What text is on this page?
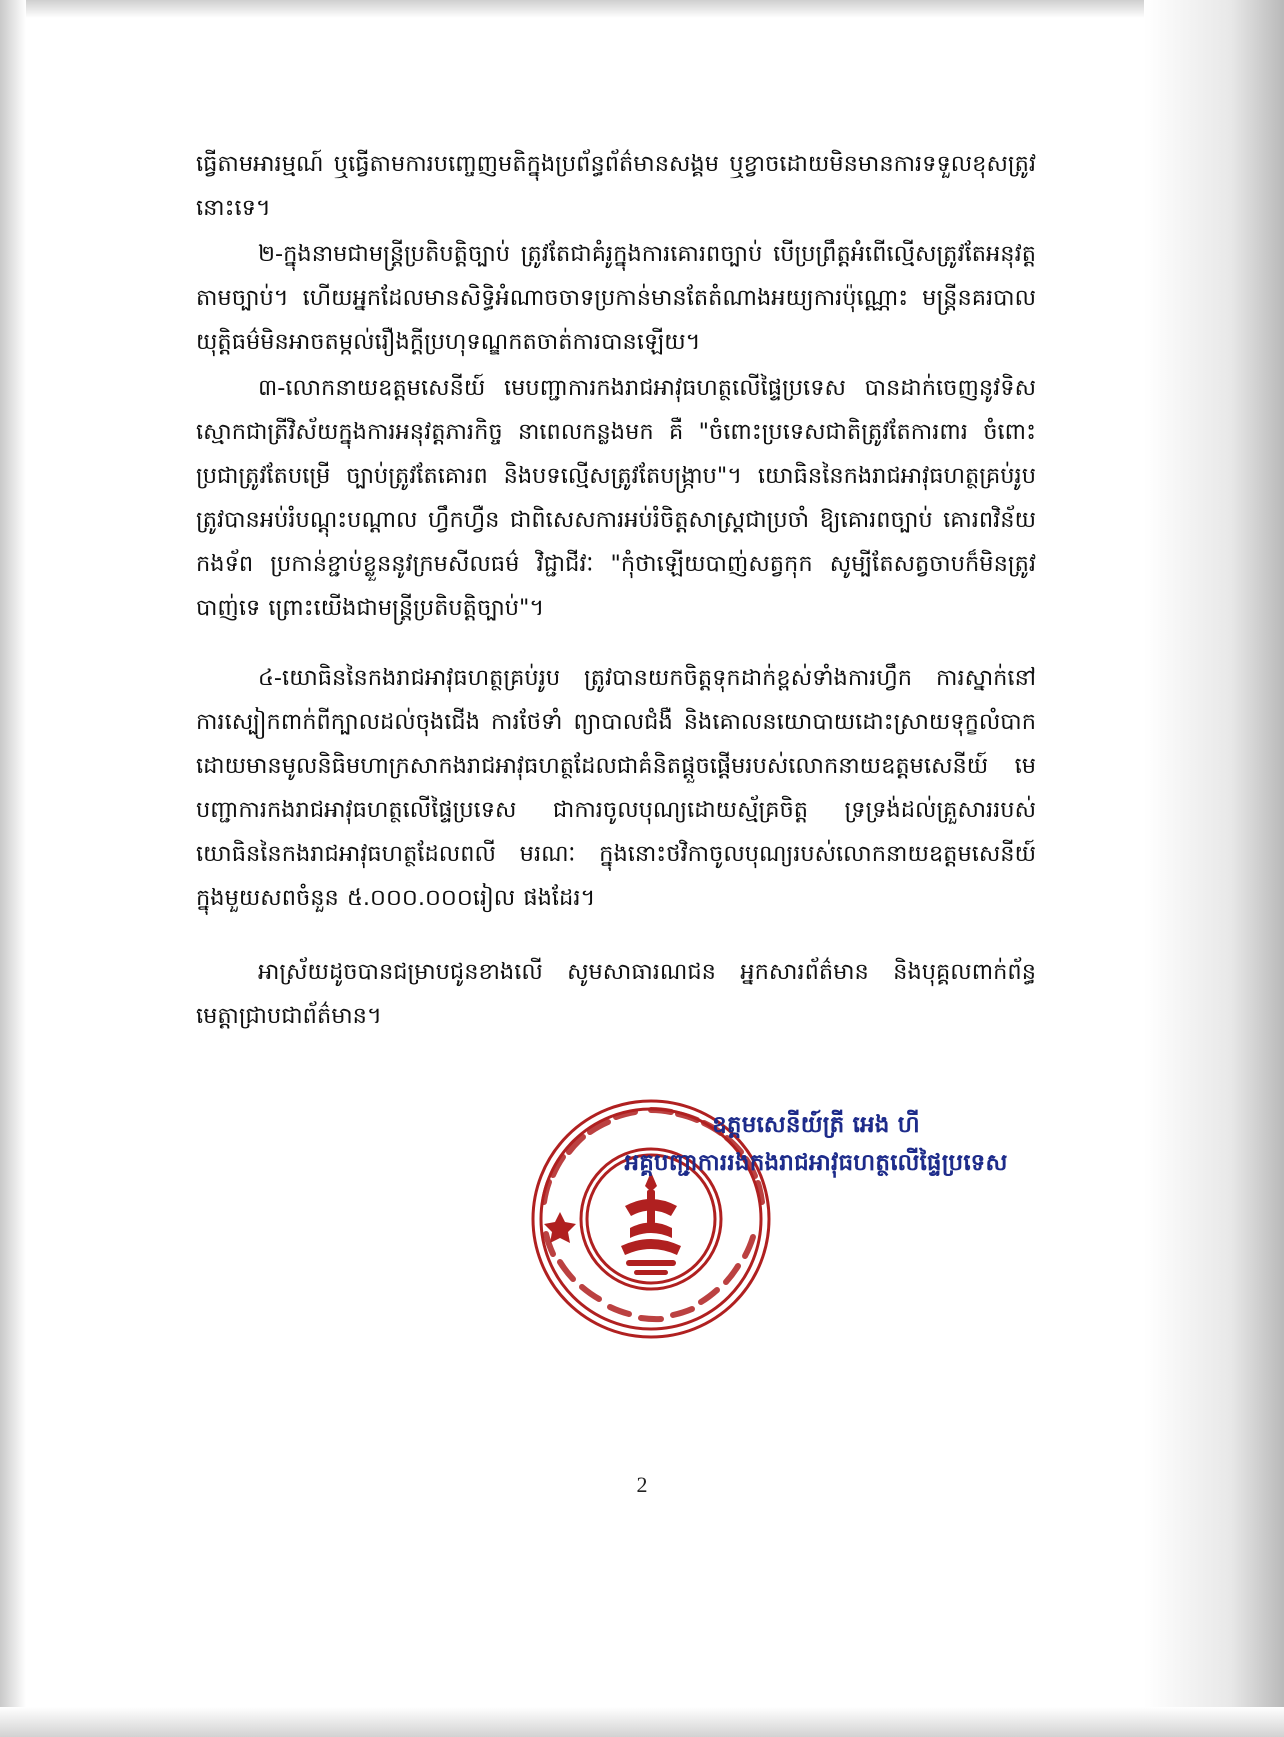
ធ្វើតាមអារម្មណ៍ ឬធ្វើតាមការបញ្ចេញមតិក្នុងប្រព័ន្ធព័ត៌មានសង្គម ឬខ្វាចដោយមិនមានការទទួលខុសត្រូវនោះទេ។

២-ក្នុងនាមជាមន្ត្រីប្រតិបត្តិច្បាប់ ត្រូវតែជាគំរូក្នុងការគោរពច្បាប់ បើប្រព្រឹត្តអំពើល្មើសត្រូវតែអនុវត្តតាមច្បាប់។ ហើយអ្នកដែលមានសិទ្ធិអំណាចចាទប្រកាន់មានតែតំណាងអយ្យការប៉ុណ្ណោះ មន្ត្រីនគរបាលយុត្តិធម៌មិនអាចតម្កល់រឿងក្តីប្រហុទណ្ឌកតចាត់ការបានឡើយ។

៣-លោកនាយឧត្តមសេនីយ៍ មេបញ្ជាការកងរាជអាវុធហត្ថលើផ្ទៃប្រទេស បានដាក់ចេញនូវទិសស្មោកជាត្រីវិស័យក្នុងការអនុវត្តភារកិច្ច នាពេលកន្លងមក គឺ "ចំពោះប្រទេសជាតិត្រូវតែការពារ ចំពោះប្រជាត្រូវតែបម្រើ ច្បាប់ត្រូវតែគោរព និងបទល្មើសត្រូវតែបង្ក្រាប"។ យោធិននៃកងរាជអាវុធហត្ថគ្រប់រូប ត្រូវបានអប់រំបណ្ដុះបណ្ដាល ហ្វឹកហ្វឺន ជាពិសេសការអប់រំចិត្តសាស្ត្រជាប្រចាំ ឱ្យគោរពច្បាប់ គោរពវិន័យកងទ័ព ប្រកាន់ខ្ជាប់ខ្លួននូវក្រមសីលធម៌ វិជ្ជាជីវៈ "កុំថាឡើយបាញ់សត្វកុក សូម្បីតែសត្វចាបក៏មិនត្រូវបាញ់ទេ ព្រោះយើងជាមន្ត្រីប្រតិបត្តិច្បាប់"។

៤-យោធិននៃកងរាជអាវុធហត្ថគ្រប់រូប ត្រូវបានយកចិត្តទុកដាក់ខ្ពស់ទាំងការហ្វឹក ការស្នាក់នៅ ការស្បៀកពាក់ពីក្បាលដល់ចុងជើង ការថែទាំ ព្យាបាលជំងឺ និងគោលនយោបាយដោះស្រាយទុក្ខលំបាក ដោយមានមូលនិធិមហាក្រសាកងរាជអាវុធហត្ថដែលជាគំនិតផ្ដួចផ្ដើមរបស់លោកនាយឧត្តមសេនីយ៍ មេបញ្ជាការកងរាជអាវុធហត្ថលើផ្ទៃប្រទេស ជាការចូលបុណ្យដោយស្ម័គ្រចិត្ត ទ្រទ្រង់ដល់គ្រួសាររបស់យោធិននៃកងរាជអាវុធហត្ថដែលពលី មរណៈ ក្នុងនោះថវិកាចូលបុណ្យរបស់លោកនាយឧត្តមសេនីយ៍ ក្នុងមួយសពចំនួន ៥.០០០.០០០រៀល ផងដែរ។

អាស្រ័យដូចបានជម្រាបជូនខាងលើ សូមសាធារណជន អ្នកសារព័ត៌មាន និងបុគ្គលពាក់ព័ន្ធ មេត្តាជ្រាបជាព័ត៌មាន។

ឧត្តមសេនីយ៍ត្រី អេង ហី
អគ្គបញ្ជាការរងកងរាជអាវុធហត្ថលើផ្ទៃប្រទេស
2
